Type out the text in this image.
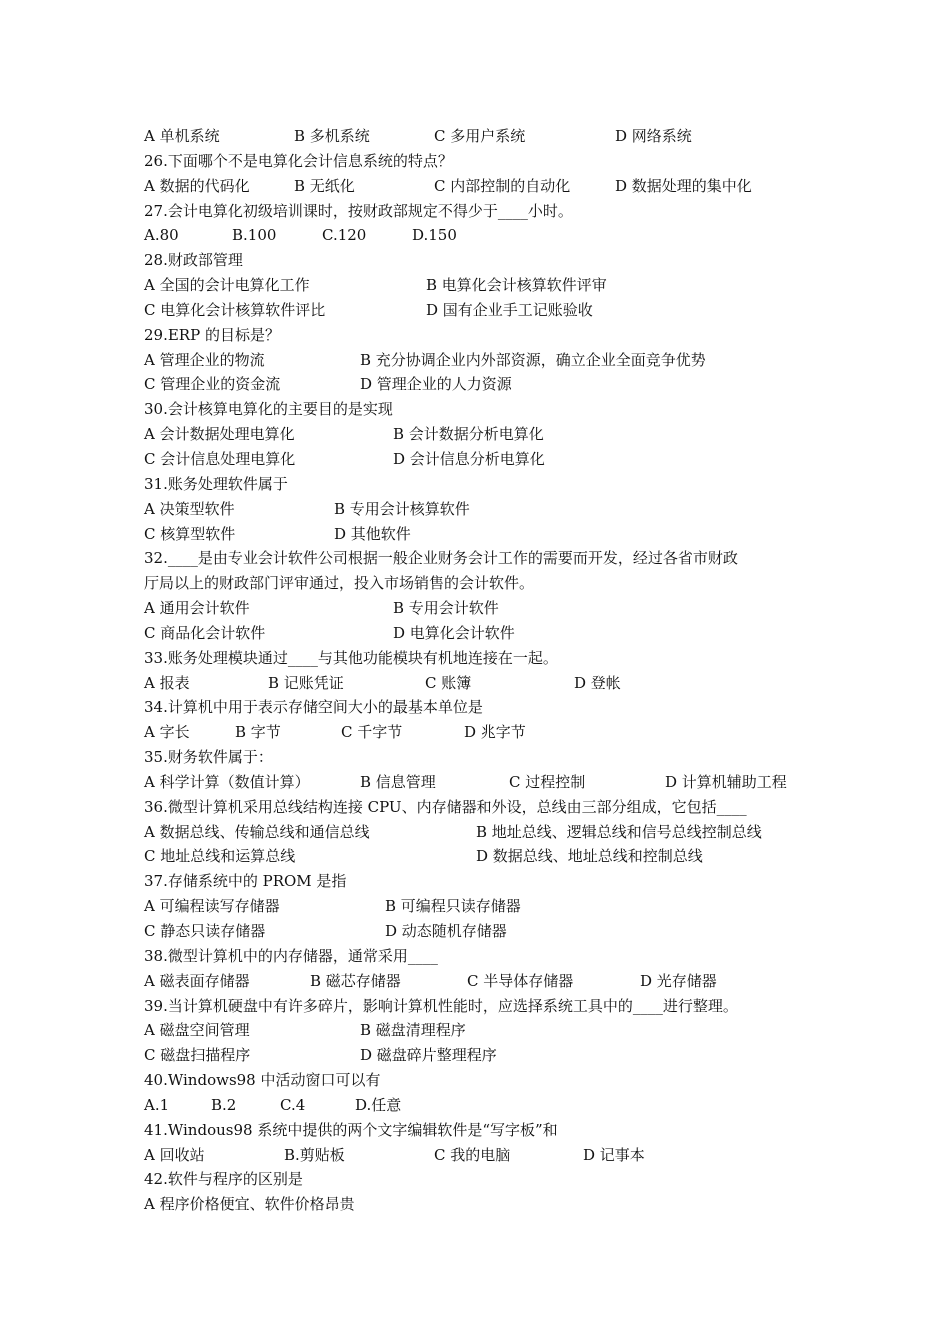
A 单机系统	B 多机系统	C 多用户系统	D 网络系统
26.下面哪个不是电算化会计信息系统的特点？
A 数据的代码化	B 无纸化	C 内部控制的自动化	D 数据处理的集中化
27.会计电算化初级培训课时，按财政部规定不得少于____小时。
A.80	B.100	C.120	D.150
28.财政部管理
A 全国的会计电算化工作	B 电算化会计核算软件评审
C 电算化会计核算软件评比	D 国有企业手工记账验收
29.ERP 的目标是？
A 管理企业的物流	B 充分协调企业内外部资源，确立企业全面竞争优势
C 管理企业的资金流	D 管理企业的人力资源
30.会计核算电算化的主要目的是实现
A 会计数据处理电算化	B 会计数据分析电算化
C 会计信息处理电算化	D 会计信息分析电算化
31.账务处理软件属于
A 决策型软件	B 专用会计核算软件
C 核算型软件	D 其他软件
32.____是由专业会计软件公司根据一般企业财务会计工作的需要而开发，经过各省市财政
厅局以上的财政部门评审通过，投入市场销售的会计软件。
A 通用会计软件	B 专用会计软件
C 商品化会计软件	D 电算化会计软件
33.账务处理模块通过____与其他功能模块有机地连接在一起。
A 报表	B 记账凭证	C 账簿	D 登帐
34.计算机中用于表示存储空间大小的最基本单位是
A 字长	B 字节	C 千字节	D 兆字节
35.财务软件属于：
A 科学计算（数值计算）	B 信息管理	C 过程控制	D 计算机辅助工程
36.微型计算机采用总线结构连接 CPU、内存储器和外设，总线由三部分组成，它包括____
A 数据总线、传输总线和通信总线	B 地址总线、逻辑总线和信号总线控制总线
C 地址总线和运算总线	D 数据总线、地址总线和控制总线
37.存储系统中的 PROM 是指
A 可编程读写存储器	B 可编程只读存储器
C 静态只读存储器	D 动态随机存储器
38.微型计算机中的内存储器，通常采用____
A 磁表面存储器	B 磁芯存储器	C 半导体存储器	D 光存储器
39.当计算机硬盘中有许多碎片，影响计算机性能时，应选择系统工具中的____进行整理。
A 磁盘空间管理	B 磁盘清理程序
C 磁盘扫描程序	D 磁盘碎片整理程序
40.Windows98 中活动窗口可以有
A.1	B.2	C.4	D.任意
41.Windous98 系统中提供的两个文字编辑软件是“写字板”和
A 回收站	B.剪贴板	C 我的电脑	D 记事本
42.软件与程序的区别是
A 程序价格便宜、软件价格昂贵
